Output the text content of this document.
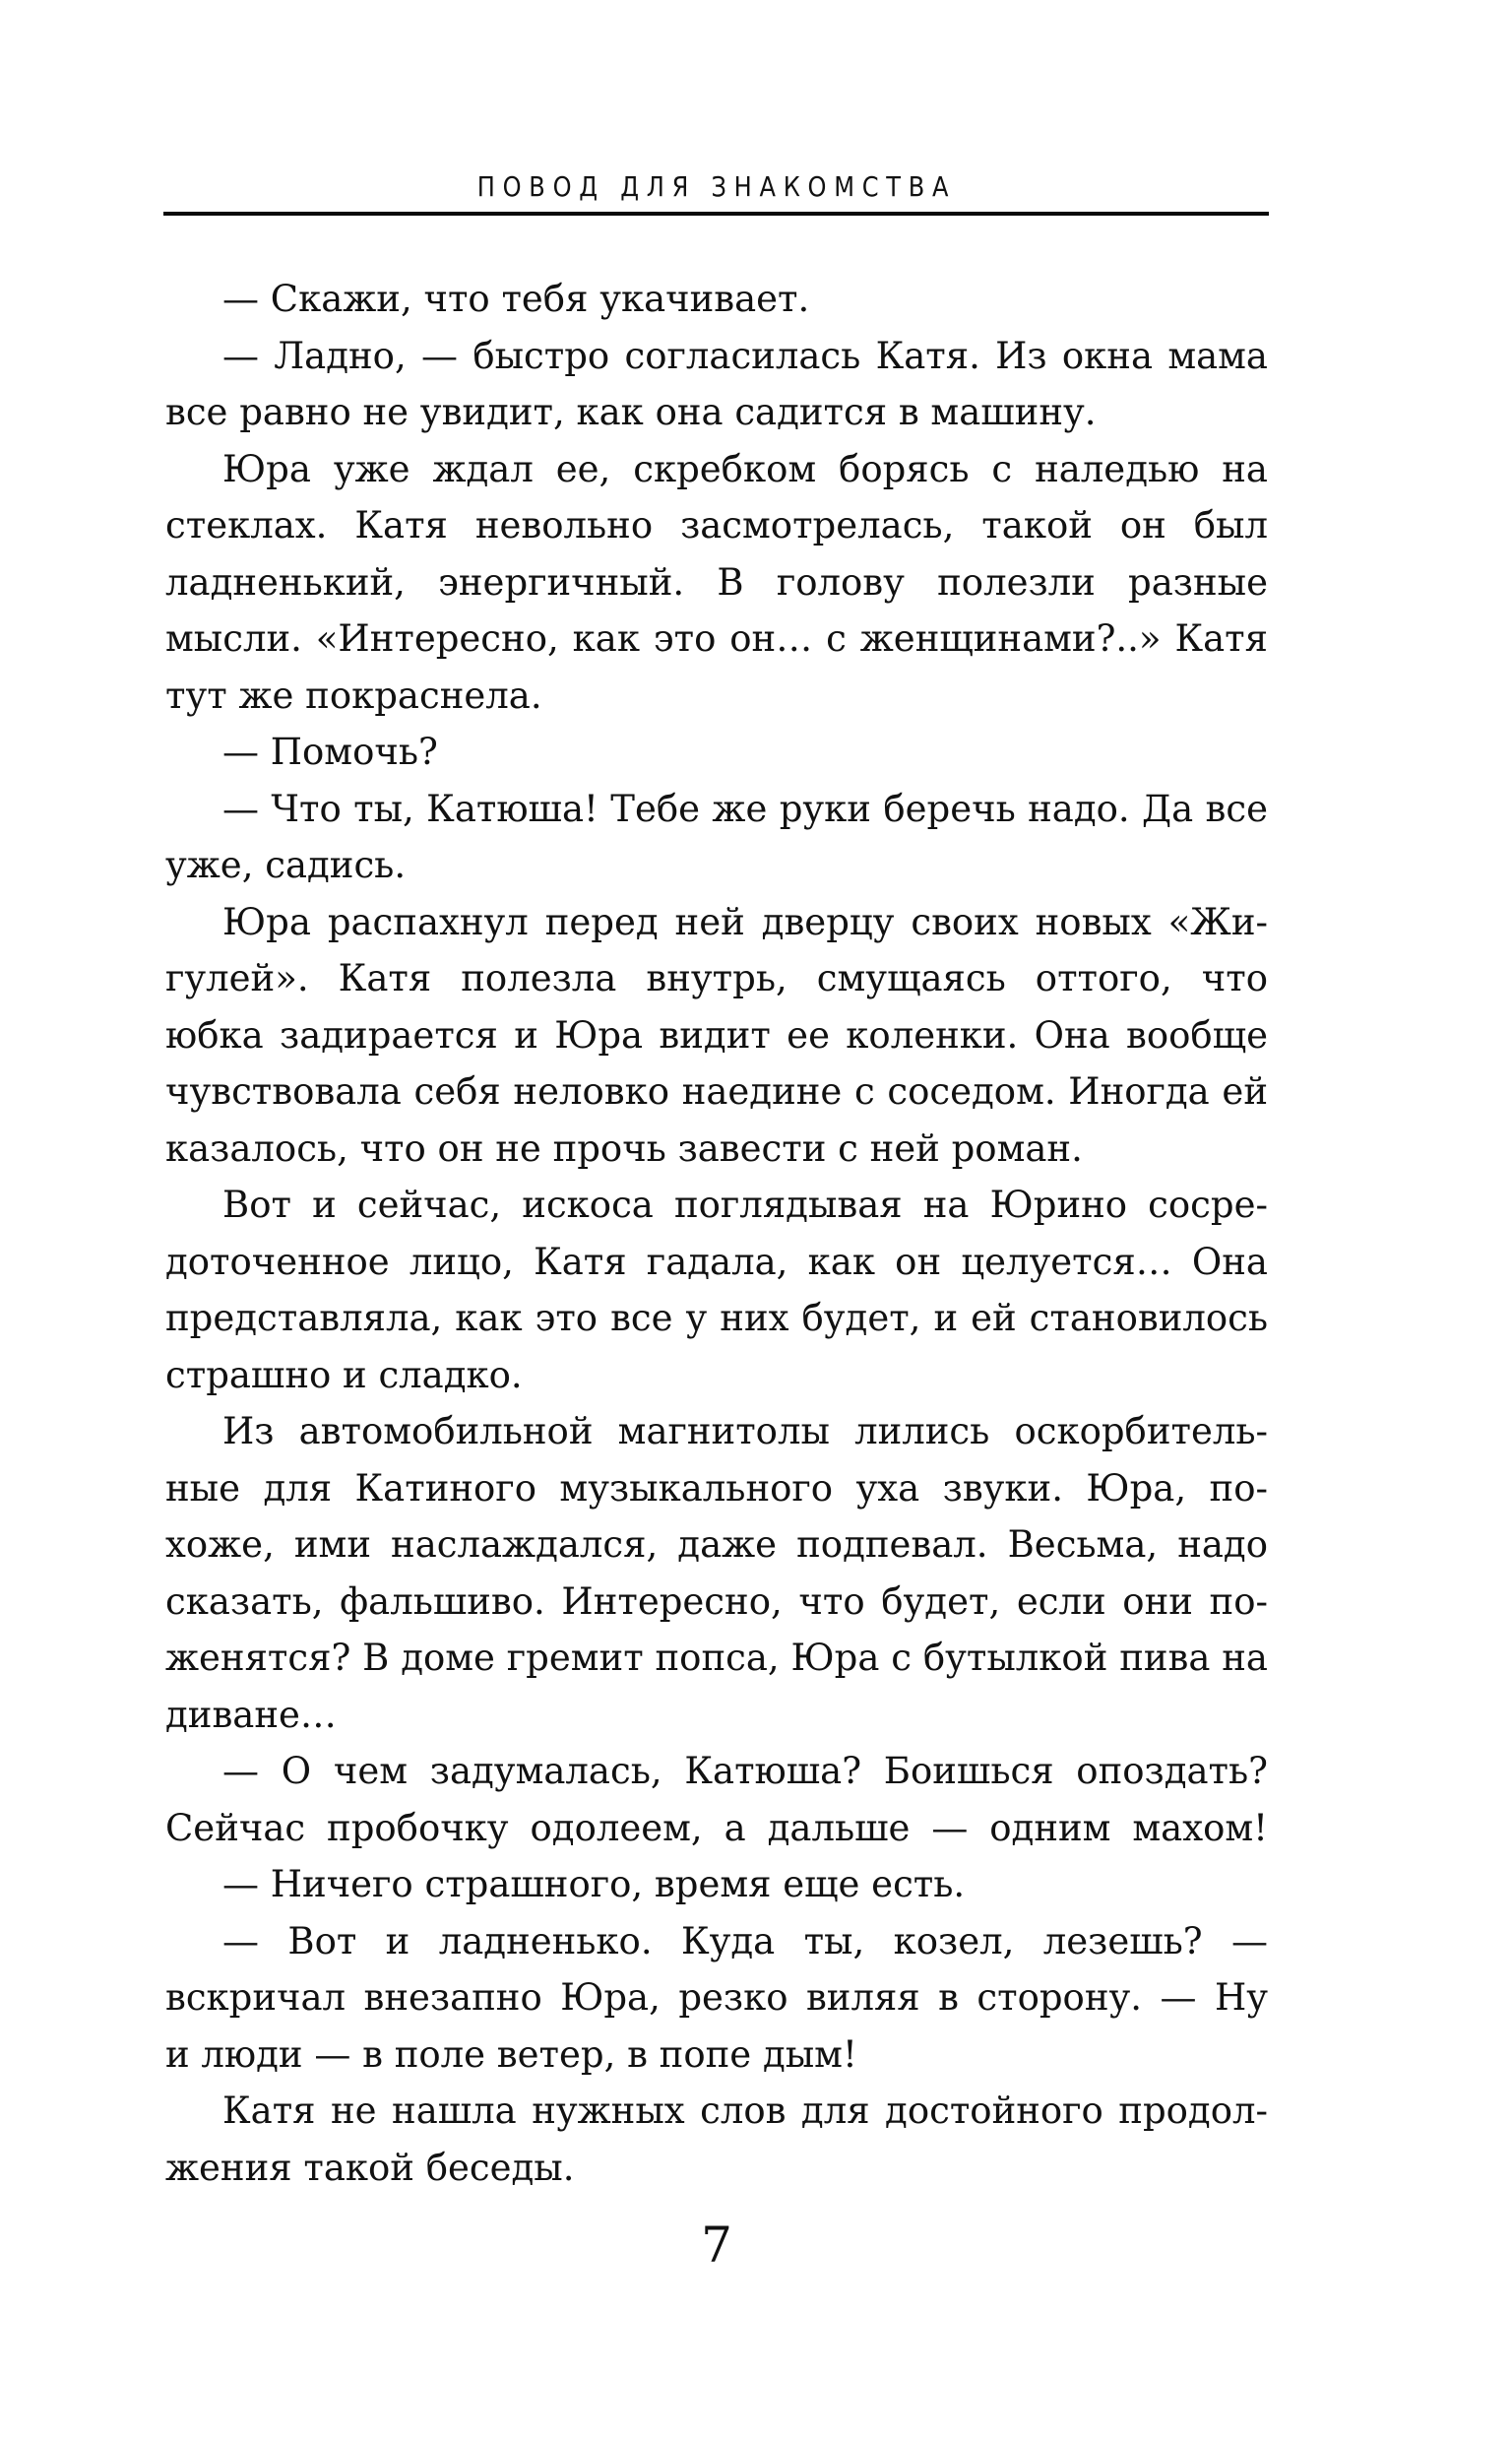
ПОВОД ДЛЯ ЗНАКОМСТВА
— Скажи, что тебя укачивает.
— Ладно, — быстро согласилась Катя. Из окна мама
все равно не увидит, как она садится в машину.
Юра уже ждал ее, скребком борясь с наледью на
стеклах. Катя невольно засмотрелась, такой он был
ладненький, энергичный. В голову полезли разные
мысли. «Интересно, как это он… с женщинами?..» Катя
тут же покраснела.
— Помочь?
— Что ты, Катюша! Тебе же руки беречь надо. Да все
уже, садись.
Юра распахнул перед ней дверцу своих новых «Жи-
гулей». Катя полезла внутрь, смущаясь оттого, что
юбка задирается и Юра видит ее коленки. Она вообще
чувствовала себя неловко наедине с соседом. Иногда ей
казалось, что он не прочь завести с ней роман.
Вот и сейчас, искоса поглядывая на Юрино сосре-
доточенное лицо, Катя гадала, как он целуется… Она
представляла, как это все у них будет, и ей становилось
страшно и сладко.
Из автомобильной магнитолы лились оскорбитель-
ные для Катиного музыкального уха звуки. Юра, по-
хоже, ими наслаждался, даже подпевал. Весьма, надо
сказать, фальшиво. Интересно, что будет, если они по-
женятся? В доме гремит попса, Юра с бутылкой пива на
диване…
— О чем задумалась, Катюша? Боишься опоздать?
Сейчас пробочку одолеем, а дальше — одним махом!
— Ничего страшного, время еще есть.
— Вот и ладненько. Куда ты, козел, лезешь? —
вскричал внезапно Юра, резко виляя в сторону. — Ну
и люди — в поле ветер, в попе дым!
Катя не нашла нужных слов для достойного продол-
жения такой беседы.
7
